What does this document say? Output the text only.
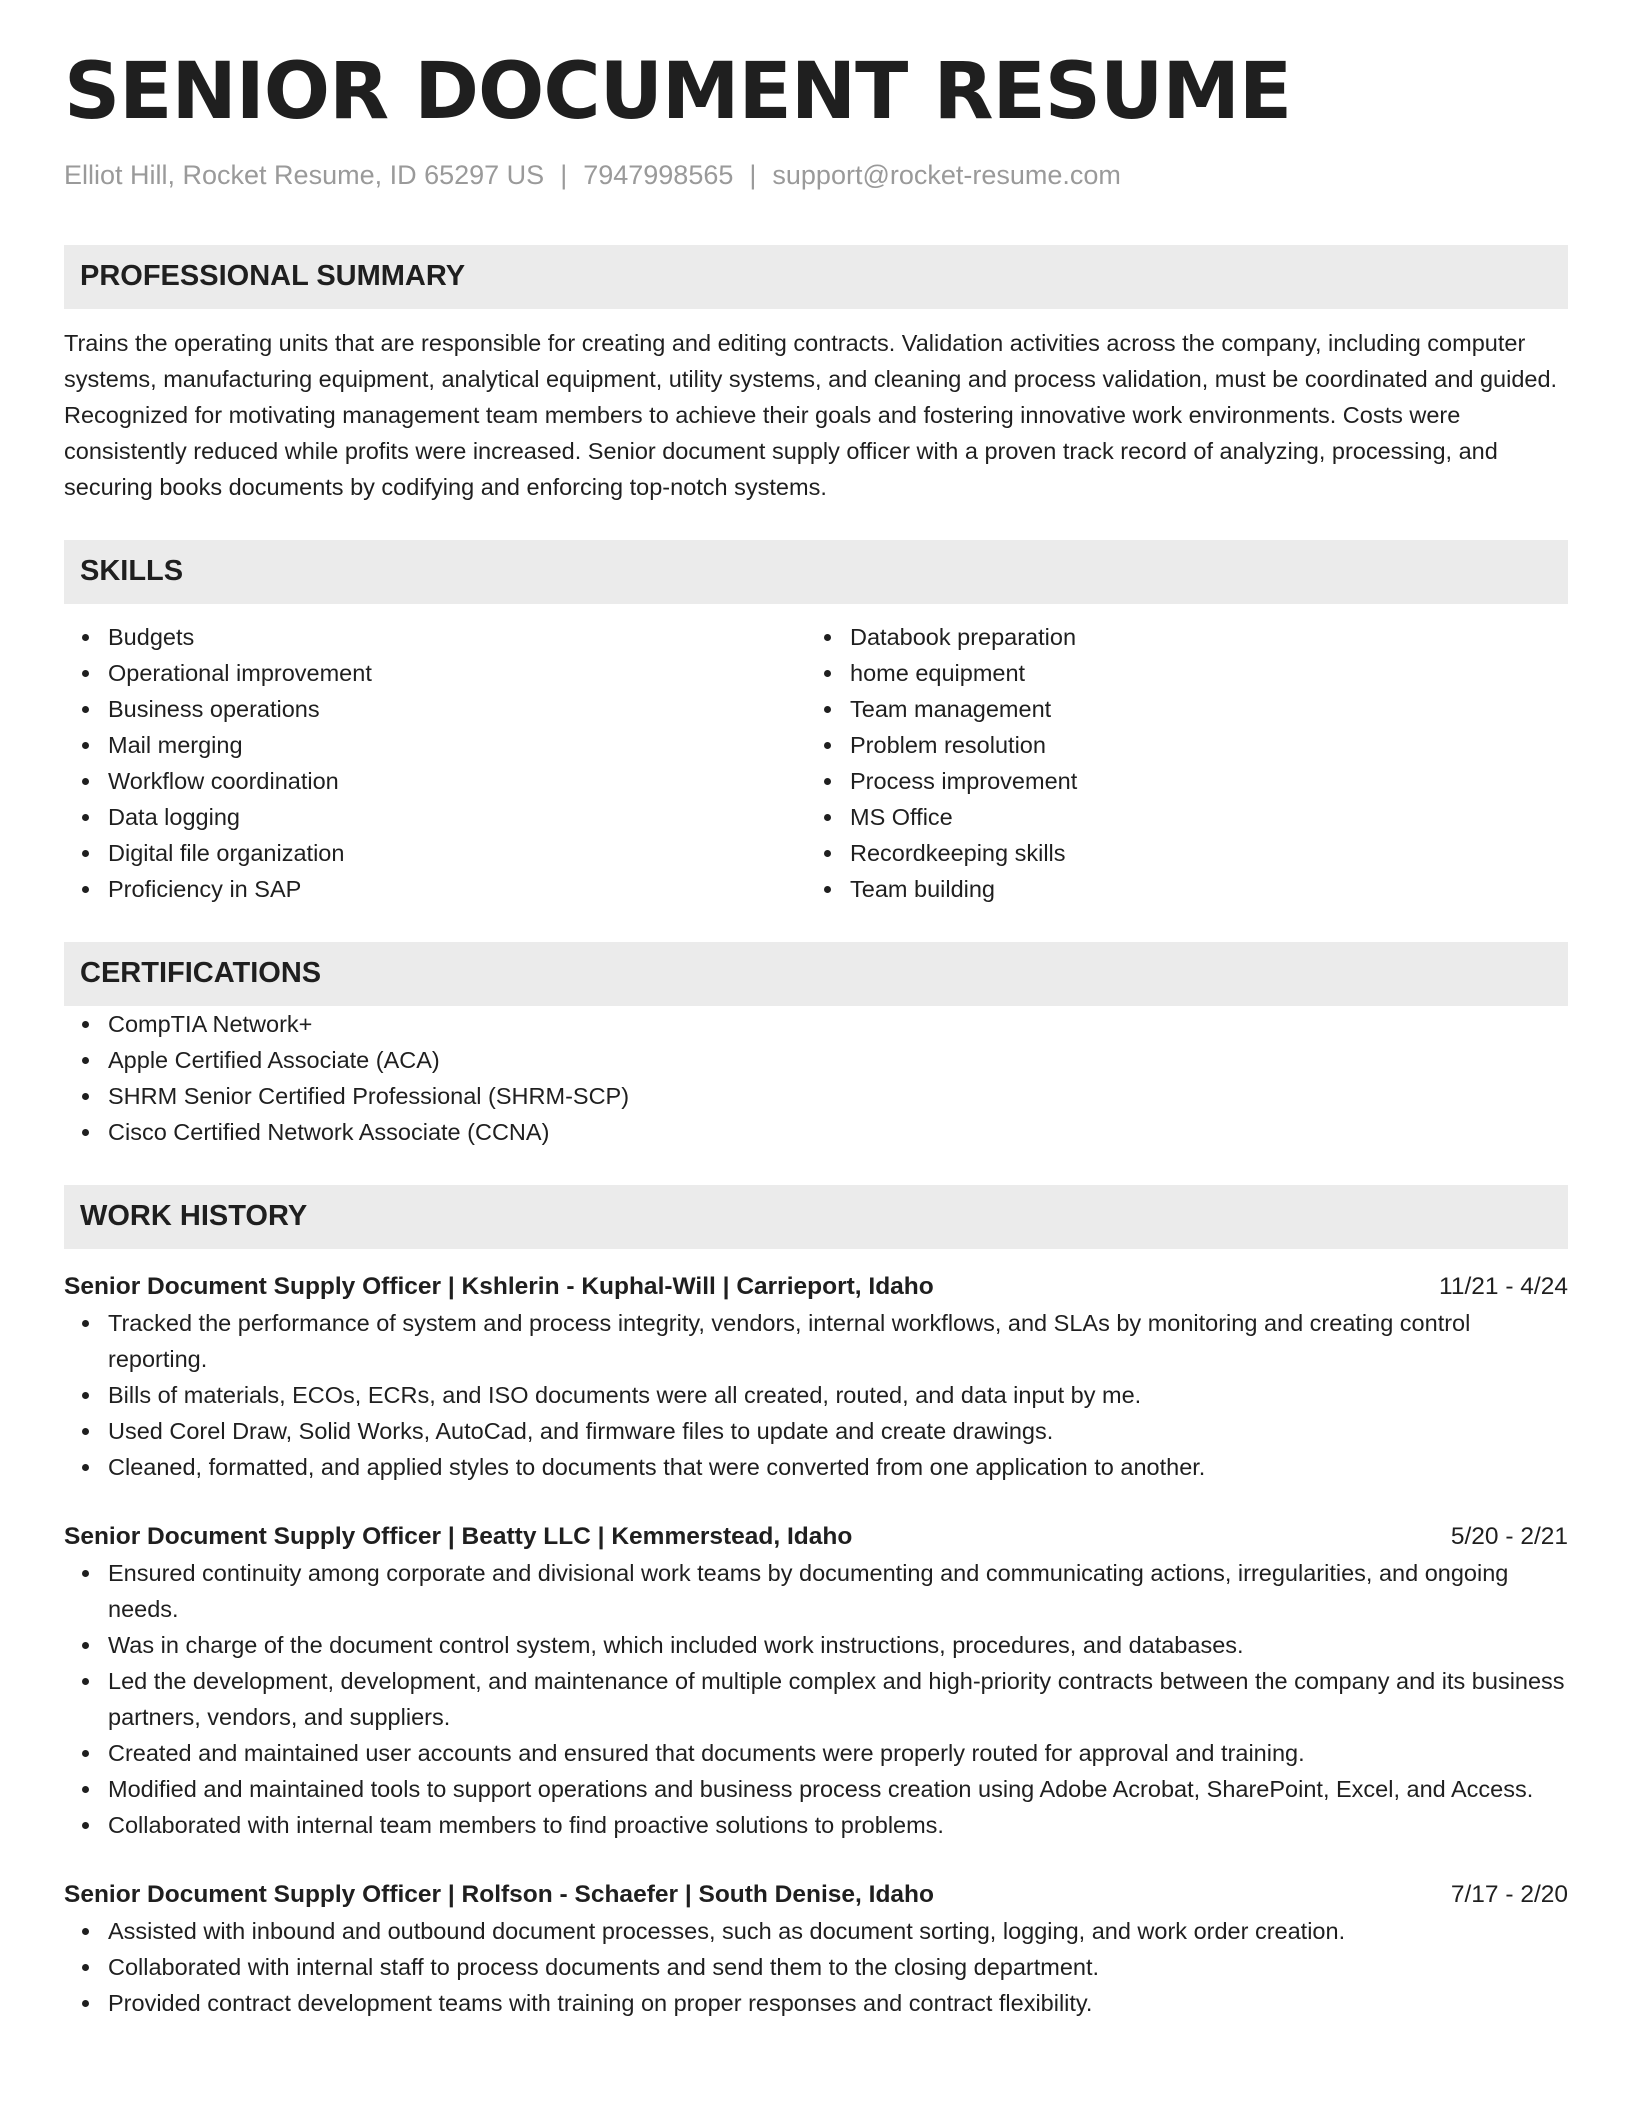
SENIOR DOCUMENT RESUME
Elliot Hill, Rocket Resume, ID 65297 US | 7947998565 | support@rocket-resume.com
PROFESSIONAL SUMMARY
Trains the operating units that are responsible for creating and editing contracts. Validation activities across the company, including computer systems, manufacturing equipment, analytical equipment, utility systems, and cleaning and process validation, must be coordinated and guided. Recognized for motivating management team members to achieve their goals and fostering innovative work environments. Costs were consistently reduced while profits were increased. Senior document supply officer with a proven track record of analyzing, processing, and securing books documents by codifying and enforcing top-notch systems.
SKILLS
Budgets
Operational improvement
Business operations
Mail merging
Workflow coordination
Data logging
Digital file organization
Proficiency in SAP
Databook preparation
home equipment
Team management
Problem resolution
Process improvement
MS Office
Recordkeeping skills
Team building
CERTIFICATIONS
CompTIA Network+
Apple Certified Associate (ACA)
SHRM Senior Certified Professional (SHRM-SCP)
Cisco Certified Network Associate (CCNA)
WORK HISTORY
Senior Document Supply Officer | Kshlerin - Kuphal-Will | Carrieport, Idaho	11/21 - 4/24
Tracked the performance of system and process integrity, vendors, internal workflows, and SLAs by monitoring and creating control reporting.
Bills of materials, ECOs, ECRs, and ISO documents were all created, routed, and data input by me.
Used Corel Draw, Solid Works, AutoCad, and firmware files to update and create drawings.
Cleaned, formatted, and applied styles to documents that were converted from one application to another.
Senior Document Supply Officer | Beatty LLC | Kemmerstead, Idaho	5/20 - 2/21
Ensured continuity among corporate and divisional work teams by documenting and communicating actions, irregularities, and ongoing needs.
Was in charge of the document control system, which included work instructions, procedures, and databases.
Led the development, development, and maintenance of multiple complex and high-priority contracts between the company and its business partners, vendors, and suppliers.
Created and maintained user accounts and ensured that documents were properly routed for approval and training.
Modified and maintained tools to support operations and business process creation using Adobe Acrobat, SharePoint, Excel, and Access.
Collaborated with internal team members to find proactive solutions to problems.
Senior Document Supply Officer | Rolfson - Schaefer | South Denise, Idaho	7/17 - 2/20
Assisted with inbound and outbound document processes, such as document sorting, logging, and work order creation.
Collaborated with internal staff to process documents and send them to the closing department.
Provided contract development teams with training on proper responses and contract flexibility.
